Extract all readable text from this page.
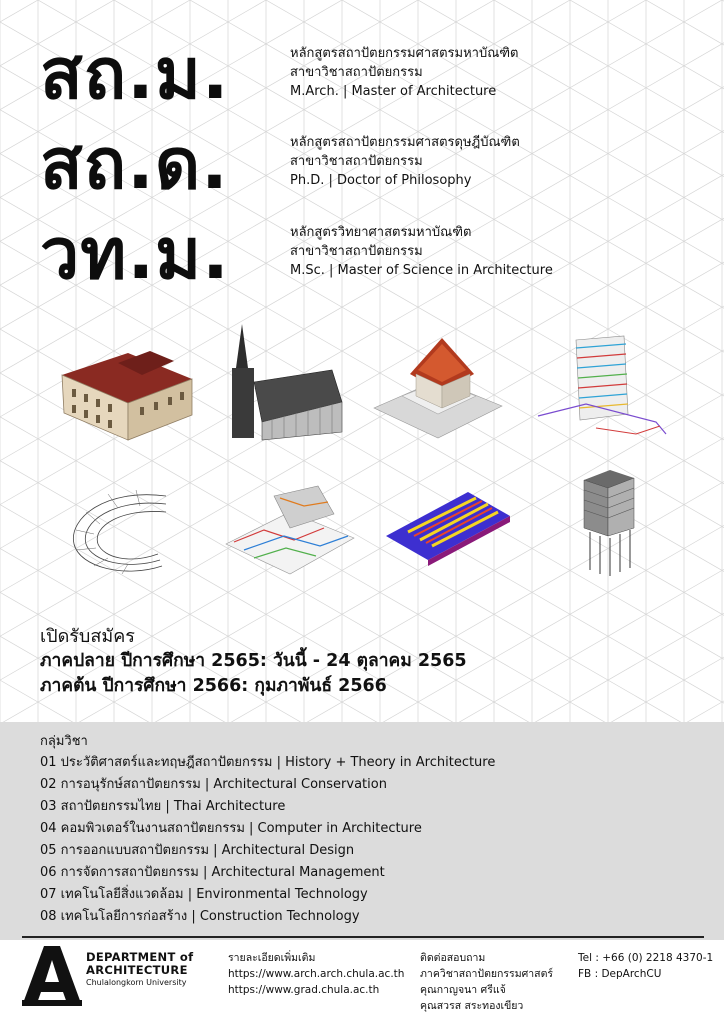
สถ.ม.
สถ.ด.
วท.ม.
หลักสูตรสถาปัตยกรรมศาสตรมหาบัณฑิต
สาขาวิชาสถาปัตยกรรม
M.Arch. | Master of Architecture
หลักสูตรสถาปัตยกรรมศาสตรดุษฎีบัณฑิต
สาขาวิชาสถาปัตยกรรม
Ph.D. | Doctor of Philosophy
หลักสูตรวิทยาศาสตรมหาบัณฑิต
สาขาวิชาสถาปัตยกรรม
M.Sc. | Master of Science in Architecture
เปิดรับสมัคร
ภาคปลาย ปีการศึกษา 2565: วันนี้ - 24 ตุลาคม 2565
ภาคต้น ปีการศึกษา 2566: กุมภาพันธ์ 2566
กลุ่มวิชา
01 ประวัติศาสตร์และทฤษฎีสถาปัตยกรรม | History + Theory in Architecture
02 การอนุรักษ์สถาปัตยกรรม | Architectural Conservation
03 สถาปัตยกรรมไทย | Thai Architecture
04 คอมพิวเตอร์ในงานสถาปัตยกรรม | Computer in Architecture
05 การออกแบบสถาปัตยกรรม | Architectural Design
06 การจัดการสถาปัตยกรรม | Architectural Management
07 เทคโนโลยีสิ่งแวดล้อม | Environmental Technology
08 เทคโนโลยีการก่อสร้าง | Construction Technology
DEPARTMENT of
ARCHITECTURE
Chulalongkorn University
รายละเอียดเพิ่มเติม
https://www.arch.arch.chula.ac.th
https://www.grad.chula.ac.th
ติดต่อสอบถาม
ภาควิชาสถาปัตยกรรมศาสตร์
คุณกาญจนา ศรีแจ้
คุณสวรส สระทองเขียว
Tel : +66 (0) 2218 4370-1
FB : DepArchCU
